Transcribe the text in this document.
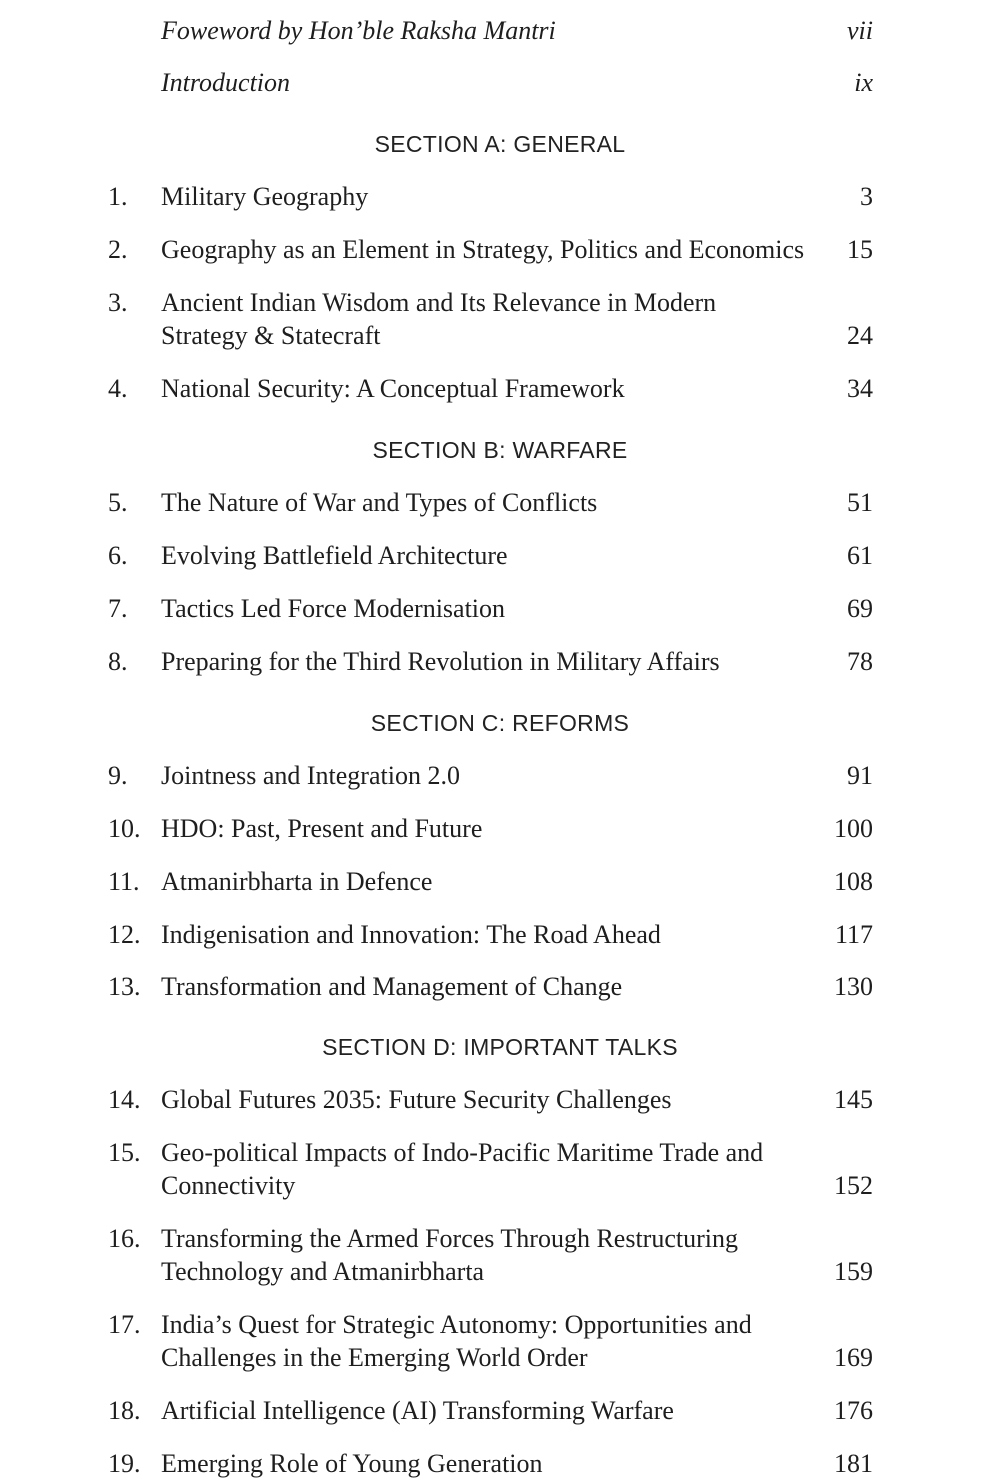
Foweword by Hon’ble Raksha Mantri	vii
Introduction	ix
SECTION A: GENERAL
1. Military Geography	3
2. Geography as an Element in Strategy, Politics and Economics	15
3. Ancient Indian Wisdom and Its Relevance in Modern
Strategy & Statecraft	24
4. National Security: A Conceptual Framework	34
SECTION B: WARFARE
5. The Nature of War and Types of Conflicts	51
6. Evolving Battlefield Architecture	61
7. Tactics Led Force Modernisation	69
8. Preparing for the Third Revolution in Military Affairs	78
SECTION C: REFORMS
9. Jointness and Integration 2.0	91
10. HDO: Past, Present and Future	100
11. Atmanirbharta in Defence	108
12. Indigenisation and Innovation: The Road Ahead	117
13. Transformation and Management of Change	130
SECTION D: IMPORTANT TALKS
14. Global Futures 2035: Future Security Challenges	145
15. Geo-political Impacts of Indo-Pacific Maritime Trade and
Connectivity	152
16. Transforming the Armed Forces Through Restructuring
Technology and Atmanirbharta	159
17. India’s Quest for Strategic Autonomy: Opportunities and
Challenges in the Emerging World Order	169
18. Artificial Intelligence (AI) Transforming Warfare	176
19. Emerging Role of Young Generation	181
